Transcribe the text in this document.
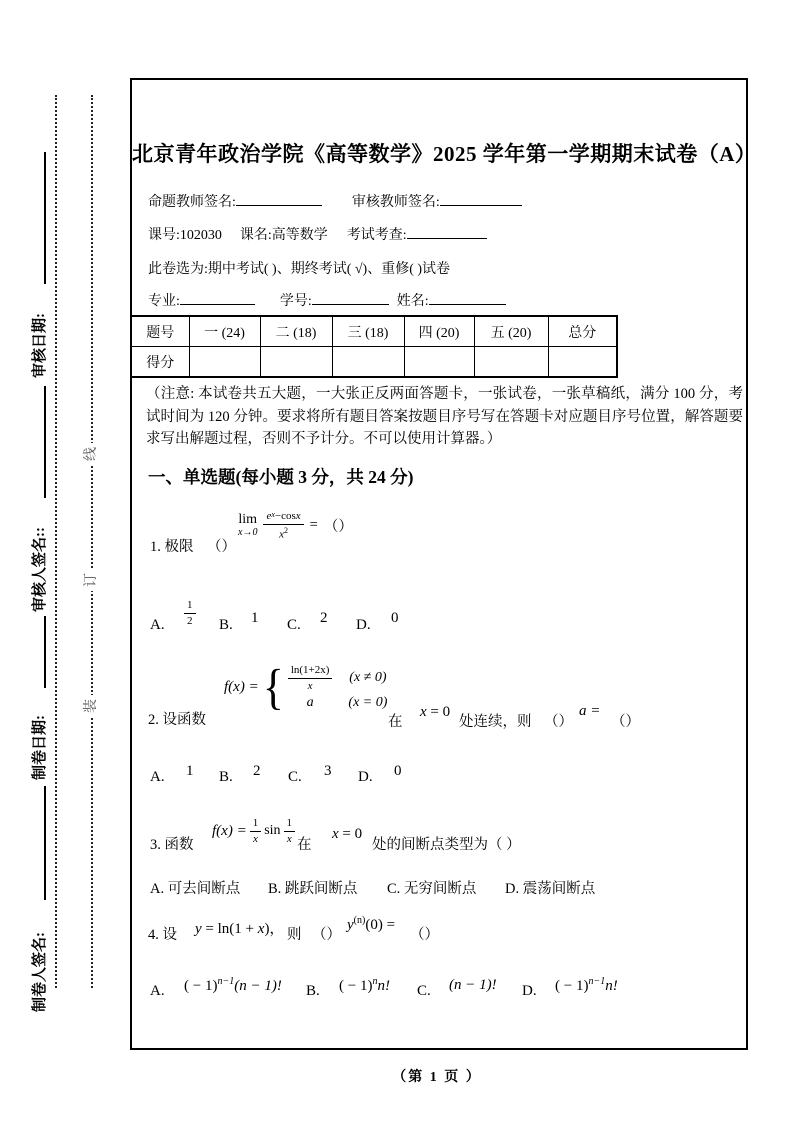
制卷人签名:
制卷日期:
审核人签名::
审核日期:
线
订
装
北京青年政治学院《高等数学》2025 学年第一学期期末试卷（A）
命题教师签名:	审核教师签名:
课号:102030 课名:高等数学 考试考查:
此卷选为:期中考试( )、期终考试( √)、重修( )试卷
专业:	学号:	姓名:
题号	一 (24)	二 (18)	三 (18)	四 (20)	五 (20)	总分
得分						
（注意: 本试卷共五大题，一大张正反两面答题卡，一张试卷，一张草稿纸，满分 100 分，考试时间为 120 分钟。要求将所有题目答案按题目序号写在答题卡对应题目序号位置，解答题要求写出解题过程，否则不予计分。不可以使用计算器。）
一、单选题(每小题 3 分，共 24 分)
1. 极限 （）
lim
$x\to 0 \frac{\text{e x −cos x}}{x^2}$ = （）
A. $\frac{1}{2} B$. 1 C. 2 D. 0
2. 设函数
f(x) = { $\frac{\ln(1+2x)}{x} (x \ne 0)$
a (x = 0)
在
x = 0
处连续，则 （）
a =
（）
A. 1 B. 2 C. 3 D. 0
3. 函数
$f(x) = \frac{1}{x}$ $\sin \frac{1}{x}$ 在
x = 0
处的间断点类型为（ ）
A. 可去间断点 B. 跳跃间断点 C. 无穷间断点 D. 震荡间断点
4. 设 y = ln(1 + x)， 则 （）
$y^{(n)}(0)$ =
（）
A. ( − 1)$^{n-1}$(n − 1)! B. ( − 1)$^n$n! C. (n − 1)! D. ( − 1)$^{n-1}$n!
（第 1 页 ）
